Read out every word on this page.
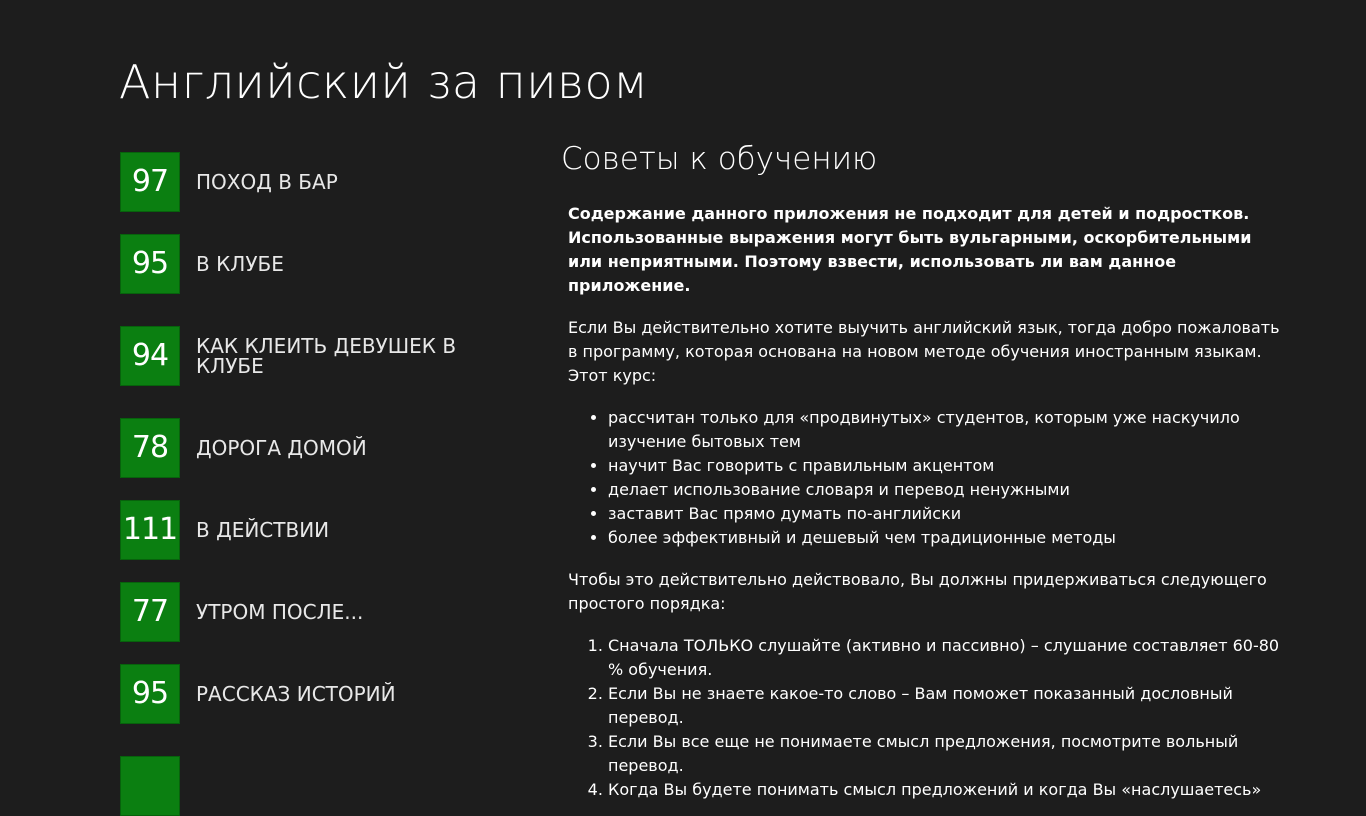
Английский за пивом
97	ПОХОД В БАР
95	В КЛУБЕ
94	КАК КЛЕИТЬ ДЕВУШЕК В КЛУБЕ
78	ДОРОГА ДОМОЙ
111 В ДЕЙСТВИИ
77	УТРОМ ПОСЛЕ...
95	РАССКАЗ ИСТОРИЙ
Советы к обучению

Содержание данного приложения не подходит для детей и подростков. Использованные выражения могут быть вульгарными, оскорбительными или неприятными. Поэтому взвести, использовать ли вам данное приложение.

Если Вы действительно хотите выучить английский язык, тогда добро пожаловать в программу, которая основана на новом методе обучения иностранным языкам. Этот курс:

• рассчитан только для «продвинутых» студентов, которым уже наскучило изучение бытовых тем
• научит Вас говорить с правильным акцентом
• делает использование словаря и перевод ненужными
• заставит Вас прямо думать по-английски
• более эффективный и дешевый чем традиционные методы

Чтобы это действительно действовало, Вы должны придерживаться следующего простого порядка:

1. Сначала ТОЛЬКО слушайте (активно и пассивно) – слушание составляет 60-80 % обучения.
2. Если Вы не знаете какое-то слово – Вам поможет показанный дословный перевод.
3. Если Вы все еще не понимаете смысл предложения, посмотрите вольный перевод.
4. Когда Вы будете понимать смысл предложений и когда Вы «наслушаетесь»
